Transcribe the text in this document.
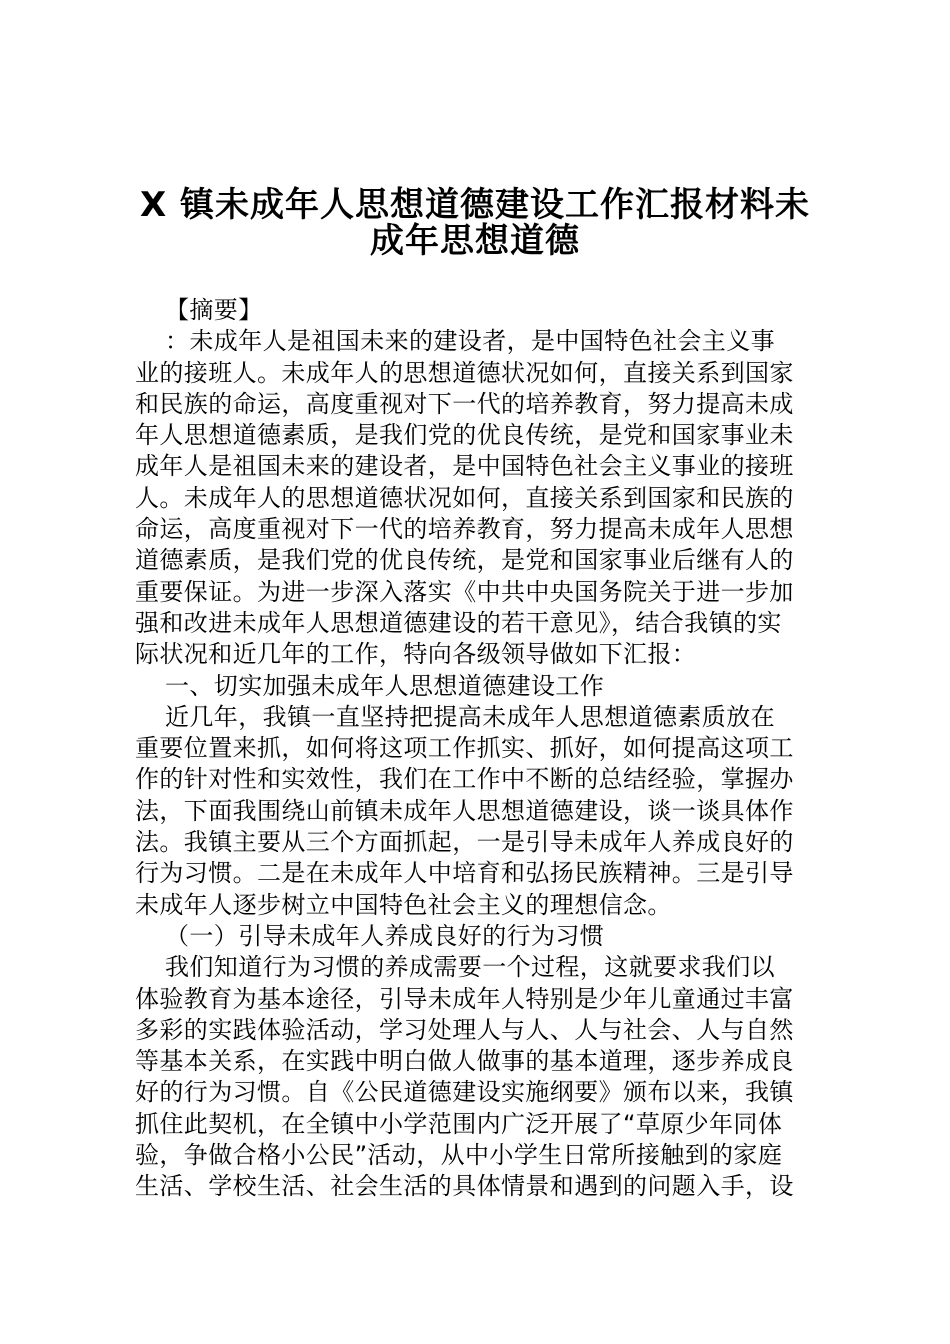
X 镇未成年人思想道德建设工作汇报材料未
成年思想道德
【摘要】
：未成年人是祖国未来的建设者，是中国特色社会主义事
业的接班人。未成年人的思想道德状况如何，直接关系到国家
和民族的命运，高度重视对下一代的培养教育，努力提高未成
年人思想道德素质，是我们党的优良传统，是党和国家事业未
成年人是祖国未来的建设者，是中国特色社会主义事业的接班
人。未成年人的思想道德状况如何，直接关系到国家和民族的
命运，高度重视对下一代的培养教育，努力提高未成年人思想
道德素质，是我们党的优良传统，是党和国家事业后继有人的
重要保证。为进一步深入落实《中共中央国务院关于进一步加
强和改进未成年人思想道德建设的若干意见》，结合我镇的实
际状况和近几年的工作，特向各级领导做如下汇报：
一、切实加强未成年人思想道德建设工作
近几年，我镇一直坚持把提高未成年人思想道德素质放在
重要位置来抓，如何将这项工作抓实、抓好，如何提高这项工
作的针对性和实效性，我们在工作中不断的总结经验，掌握办
法，下面我围绕山前镇未成年人思想道德建设，谈一谈具体作
法。我镇主要从三个方面抓起，一是引导未成年人养成良好的
行为习惯。二是在未成年人中培育和弘扬民族精神。三是引导
未成年人逐步树立中国特色社会主义的理想信念。
（一）引导未成年人养成良好的行为习惯
我们知道行为习惯的养成需要一个过程，这就要求我们以
体验教育为基本途径，引导未成年人特别是少年儿童通过丰富
多彩的实践体验活动，学习处理人与人、人与社会、人与自然
等基本关系，在实践中明白做人做事的基本道理，逐步养成良
好的行为习惯。自《公民道德建设实施纲要》颁布以来，我镇
抓住此契机，在全镇中小学范围内广泛开展了“草原少年同体
验，争做合格小公民”活动，从中小学生日常所接触到的家庭
生活、学校生活、社会生活的具体情景和遇到的问题入手，设
